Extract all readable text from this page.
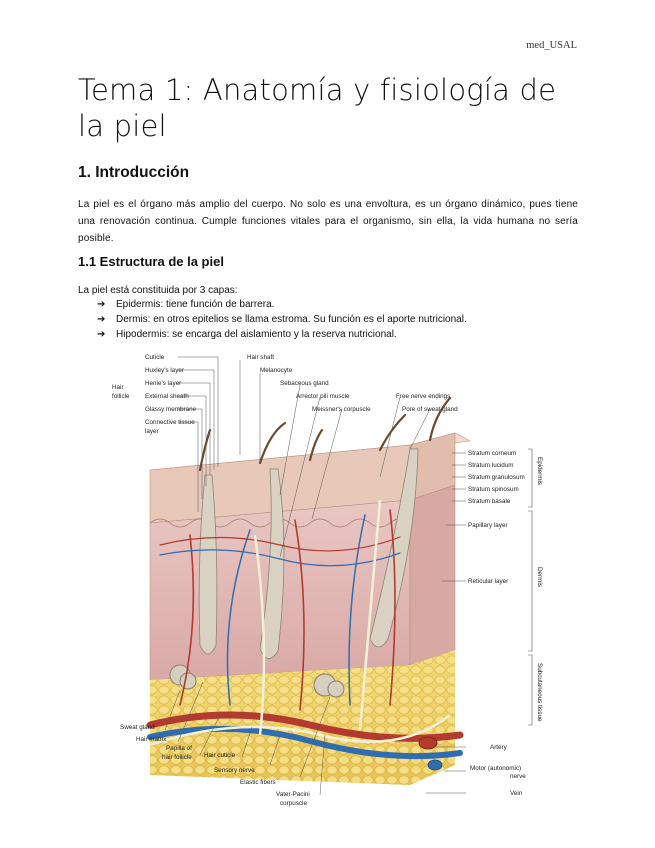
med_USAL
Tema 1: Anatomía y fisiología de la piel
1. Introducción

La piel es el órgano más amplio del cuerpo. No solo es una envoltura, es un órgano dinámico, pues tiene una renovación continua. Cumple funciones vitales para el organismo, sin ella, la vida humana no sería posible.

1.1 Estructura de la piel

La piel está constituida por 3 capas:

➔	Epidermis: tiene función de barrera.
➔	Dermis: en otros epitelios se llama estroma. Su función es el aporte nutricional.
➔	Hipodermis: se encarga del aislamiento y la reserva nutricional.
Hair
follicle
Cuticle
Huxley's layer
Henle's layer
External sheath
Glassy membrane
Connective tissue
layer
Hair shaft
Melanocyte
Sebaceous gland
Arrector pili muscle
Meissner's corpuscle
Free nerve endings
Pore of sweat gland
Stratum corneum
Stratum lucidum
Stratum granulosum
Stratum spinosum
Stratum basale
Papillary layer
Reticular layer
Artery
Motor (autonomic)
nerve
Vein
Epidermis
Dermis
Subcutaneous tissue
Sweat gland
Hair matrix
Papilla of
hair follicle Hair cuticle
Sensory nerve
Elastic fibers
Vater-Pacini
corpuscle
